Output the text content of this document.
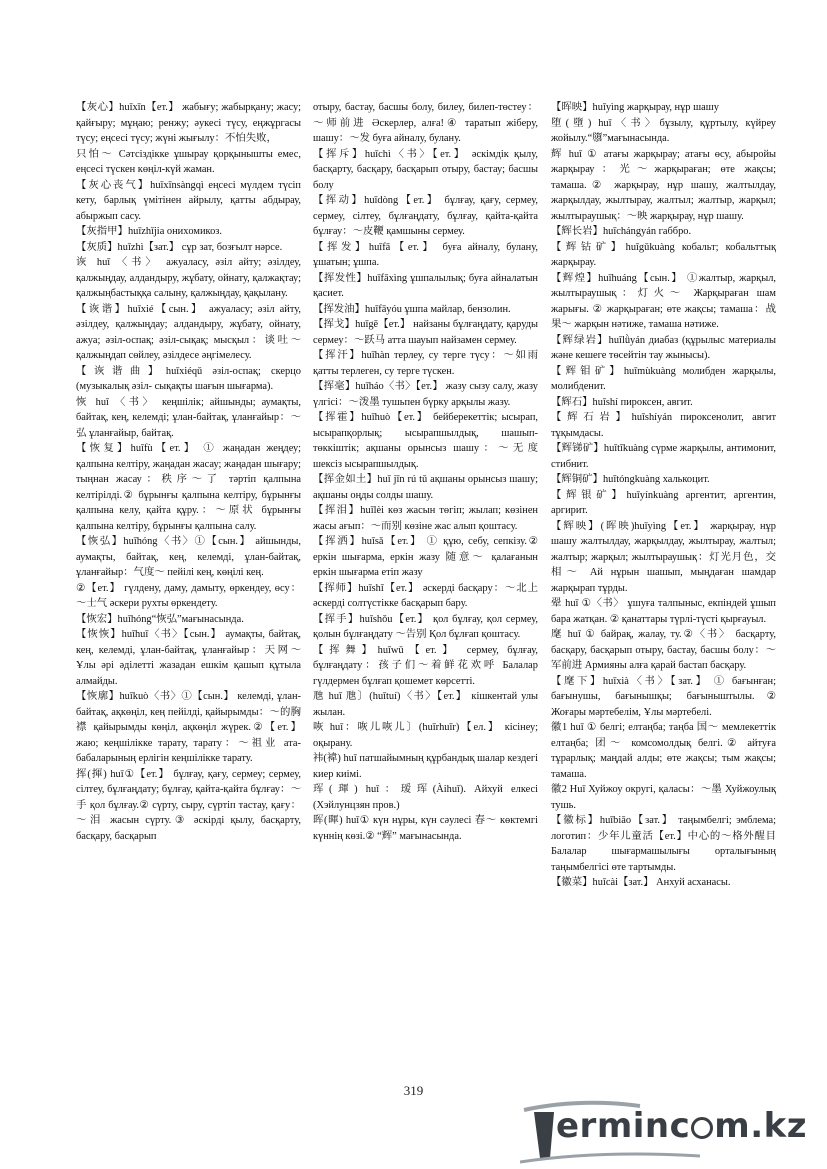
【灰心】huīxīn【ет.】 жабығу; жабырқану; жасу; қайғыру; мұңаю; ренжу; әукесі түсу, еңжұргасы түсу; еңсесі түсу; жүні жығылу：不怕失败，

只怕～ Сәтсіздікке ұшырау қорқынышты емес, еңсесі түскен көңіл-күй жаман.

【灰心丧气】huīxīnsàngqì еңсесі мүлдем түсіп кету, барлық үмітінен айрылу, қатты абдырау, абыржып сасу.

【灰指甲】huīzhǐjia ониxомикоз.

【灰质】huīzhì【зат.】 сұр зат, бозғылт нәрсе.

诙 huī 〈书〉 ажуаласу, әзіл айту; әзілдеу, қалжыңдау, алдандыру, жұбату, ойнату, қалжақтау; қалжыңбастыққа салыну, қалжыңдау, қақылану.

【诙谐】huīxié【сын.】 ажуаласу; әзіл айту, әзілдеу, қалжыңдау; алдандыру, жұбату, ойнату, ажуа; әзіл-оспақ; әзіл-сықақ; мысқыл：谈吐～ қалжыңдап сөйлеу, әзілдесе әңгімелесу.

【诙谐曲】huīxiéqǔ әзіл-оспақ; скерцо (музыкалық әзіл- сықақты шағын шығарма).

恢 huī 〈书〉 кеңшілік; айшынды; аумақты, байтақ, кең, келемді; ұлан-байтақ, ұланғайыр：～弘 ұланғайыр, байтақ.

【恢复】huīfù【ет.】 ① жаңадан жеңдеу; қалпына келтіру, жаңадан жасау; жаңадан шығару; тыңнан жасау：秩序～了 тәртіп қалпына келтірілді.② бұрынғы қалпына келтіру, бұрынғы қалпына келу, қайта құру.：～原状 бұрынғы қалпына келтіру, бұрынғы қалпына салу.

【恢弘】huīhóng〈书〉①【сын.】 айшынды, аумақты, байтақ, кең, келемді, ұлан-байтақ, ұланғайыр：气度～ пейілі кең, көңілі кең.

②【ет.】 гүлдену, даму, дамыту, өркендеу, өсу：～士气 әскери рухты өркендету.

【恢宏】huīhóng“恢弘”мағынасында.

【恢恢】huīhuī〈书〉【сын.】 аумақты, байтақ, кең, келемді, ұлан-байтақ, ұланғайыр：天网～ Ұлы әрі әділетті жазадан ешкім қашып құтыла алмайды.

【恢廓】huīkuò〈书〉①【сын.】 келемді, ұлан-байтақ, ақкөңіл, кең пейілді, қайырымды：～的胸襟 қайырымды көңіл, ақкөңіл жүрек.②【ет.】 жаю; кеңшілікке тарату, тарату：～祖业 ата-бабаларының ерлігін кеңшілікке тарату.

挥(揮) huī①【ет.】 бұлғау, қағу, сермеу; сермеу, сілтеу, бұлғаңдату; бұлғау, қайта-қайта бұлғау：～手 қол бұлғау.② сүрту, сыру, сүртіп тастау, қағу：～泪 жасын сүрту.③ әскірді қылу, басқарту, басқару, басқарып

отыру, бастау, басшы болу, билеу, билеп-төстеу：～师前进 Әскерлер, алға!④ таратып жіберу, шашу：～发 буға айналу, булану.

【挥斥】huīchì〈书〉【ет.】 әскімдік қылу, басқарту, басқару, басқарып отыру, бастау; басшы болу

【挥动】huīdòng【ет.】 бұлғау, қағу, сермеу, сермеу, сілтеу, бұлғаңдату, бұлғау, қайта-қайта бұлғау：～皮鞭 қамшыны сермеу.

【挥发】huīfā【ет.】 буға айналу, булану, ұшатын; ұшпа.

【挥发性】huīfāxìng ұшпалылық; буға айналатын қасиет.

【挥发油】huīfāyóu ұшпа майлар, бензолин.

【挥戈】huīgē【ет.】 найзаны бұлғаңдату, қаруды сермеу：～跃马 атта шауып найзамен сермеу.

【挥汗】huīhàn терлеу, су терге түсу：～如雨 қатты терлеген, су терге түскен.

【挥毫】huīháo〈书〉【ет.】 жазу сызу салу, жазу үлгісі：～泼墨 тушьпен бүрку арқылы жазу.

【挥霍】huīhuò【ет.】 бейберекеттік; ысырап, ысырапқорлық; ысырапшылдық, шашып-төккіштік; ақшаны орынсыз шашу：～无度 шексіз ысырапшылдық.

【挥金如土】huī jīn rú tǔ ақшаны орынсыз шашу; ақшаны оңды солды шашу.

【挥泪】huīlèi көз жасын төгіп; жылап; көзінен жасы ағып：～而别 көзіне жас алып қоштасу.

【挥洒】huīsǎ【ет.】 ① құю, себу, сепкізу.② еркін шығарма, еркін жазу 随意～ қалағанын еркін шығарма етіп жазу

【挥师】huīshī【ет.】 әскерді басқару：～北上 әскерді солтүстікке басқарып бару.

【挥手】huīshǒu【ет.】 қол бұлғау, қол сермеу, қолын бұлғаңдату ～告别 Қол бұлғап қоштасу.

【挥舞】huīwǔ【ет.】 сермеу, бұлғау, бұлғаңдату：孩子们～着鲜花欢呼 Балалар гүлдермен бұлғап қошемет көрсетті.

虺 huī 虺〕(huītuí)〈书〉【ет.】 кішкентай улы жылан.

咴 huī：咴儿咴儿〕(huīrhuīr)【ел.】 кісінеу; оқырану.

袆(褘) huī патшайымның құрбандық шалар кездегі киер киімі.

珲(琿) huī：瑷珲(Àihuī). Айхуй елкесі (Хэйлунцзян пров.)

晖(暉) huī① күн нұры, күн сәулесі 春～ көктемгі күннің көзі.② “辉” мағынасында.

【晖映】huīyìng жарқырау, нұр шашу

堕(墮) huī〈书〉бұзылу, құртылу, күйреу жойылу.“隳”мағынасында.

辉 huī ① атағы жарқырау; атағы өсу, абыройы жарқырау：光～жарқыраған; өте жақсы; тамаша.② жарқырау, нұр шашу, жалтылдау, жарқылдау, жылтырау, жалтыл; жалтыр, жарқыл; жылтыраушық：～映 жарқырау, нұр шашу.

【辉长岩】huīchángyán габбро.

【辉钴矿】huīgǔkuàng кобальт; кобальттық жарқырау.

【辉煌】huīhuáng【сын.】 ①жалтыр, жарқыл, жылтыраушық：灯火～ Жарқыраған шам жарығы. ② жарқыраған; өте жақсы; тамаша：战果～ жарқын нәтиже, тамаша нәтиже.

【辉绿岩】huīlǜyán диабаз (құрылыс материалы және кешеге төсейтін тау жынысы).

【辉钼矿】huīmùkuàng молибден жарқылы, молибденит.

【辉石】huīshí пироксен, авгит.

【辉石岩】huīshíyán пироксенолит, авгит тұқымдасы.

【辉锑矿】huītīkuàng сүрме жарқылы, антимонит, стибнит.

【辉铜矿】huītóngkuàng халькоцит.

【辉银矿】huīyínkuàng аргентит, аргентин, аргирит.

【辉映】(晖映)huīyìng【ет.】 жарқырау, нұр шашу жалтылдау, жарқылдау, жылтырау, жалтыл; жалтыр; жарқыл; жылтыраушық：灯光月色，交相～ Ай нұрын шашып, мыңдаған шамдар жарқырап тұрды.

翚 huī ①〈书〉 ұшуға талпыныс, екпіндей ұшып бара жатқан. ② қанаттары түрлі-түсті қырғауыл.

麾 huī ① байрақ, жалау, ту.②〈书〉 басқарту, басқару, басқарып отыру, бастау, басшы болу：～军前进 Армияны алға қарай бастап басқару.

【麾下】huīxià〈书〉【зат.】 ① бағынған; бағынушы, бағынышқы; бағыныштылы.② Жоғары мәртебелім, Ұлы мәртебелі.

徽1 huī ① белгі; елтаңба; таңба 国～ мемлекеттік елтаңба; 团～ комсомолдық белгі.② айтуға тұрарлық; маңдай алды; өте жақсы; тым жақсы; тамаша.

徽2 Huī Хуйжоу округі, қаласы：～墨 Хуйжоулық тушь.

【徽标】huībiāo【зат.】 таңымбелгі; эмблема; логотип：少年儿童活【ет.】中心的～格外醒目 Балалар шығармашылығы орталығының таңымбелгісі өте тартымды.

【徽菜】huīcài【зат.】 Анхуй асханасы.

319
erminc m.kz
